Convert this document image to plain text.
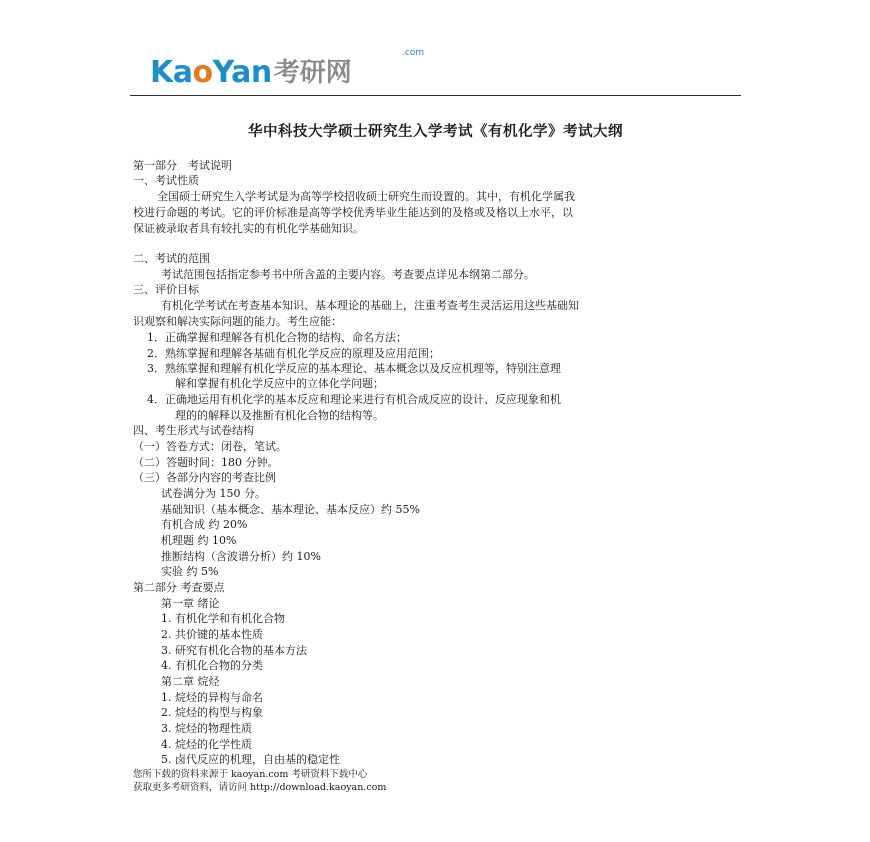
KaoYan
.com
考研网
华中科技大学硕士研究生入学考试《有机化学》考试大纲
第一部分　考试说明
一、考试性质
全国硕士研究生入学考试是为高等学校招收硕士研究生而设置的。其中，有机化学属我
校进行命题的考试。它的评价标准是高等学校优秀毕业生能达到的及格或及格以上水平，以
保证被录取者具有较扎实的有机化学基础知识。
二、考试的范围
考试范围包括指定参考书中所含盖的主要内容。考查要点详见本纲第二部分。
三、评价目标
有机化学考试在考查基本知识、基本理论的基础上，注重考查考生灵活运用这些基础知
识观察和解决实际问题的能力。考生应能：
1．正确掌握和理解各有机化合物的结构、命名方法；
2．熟练掌握和理解各基础有机化学反应的原理及应用范围；
3．熟练掌握和理解有机化学反应的基本理论、基本概念以及反应机理等，特别注意理
解和掌握有机化学反应中的立体化学问题；
4．正确地运用有机化学的基本反应和理论来进行有机合成反应的设计、反应现象和机
理的的解释以及推断有机化合物的结构等。
四、考生形式与试卷结构
（一）答卷方式：闭卷，笔试。
（二）答题时间：180 分钟。
（三）各部分内容的考查比例
试卷满分为 150 分。
基础知识（基本概念、基本理论、基本反应）约 55%
有机合成 约 20%
机理题 约 10%
推断结构（含波谱分析）约 10%
实验 约 5%
第二部分 考查要点
第一章 绪论
1. 有机化学和有机化合物
2. 共价键的基本性质
3. 研究有机化合物的基本方法
4. 有机化合物的分类
第二章 烷烃
1. 烷烃的异构与命名
2. 烷烃的构型与构象
3. 烷烃的物理性质
4. 烷烃的化学性质
5. 卤代反应的机理，自由基的稳定性
您所下载的资料来源于 kaoyan.com 考研资料下载中心
获取更多考研资料，请访问 http://download.kaoyan.com
